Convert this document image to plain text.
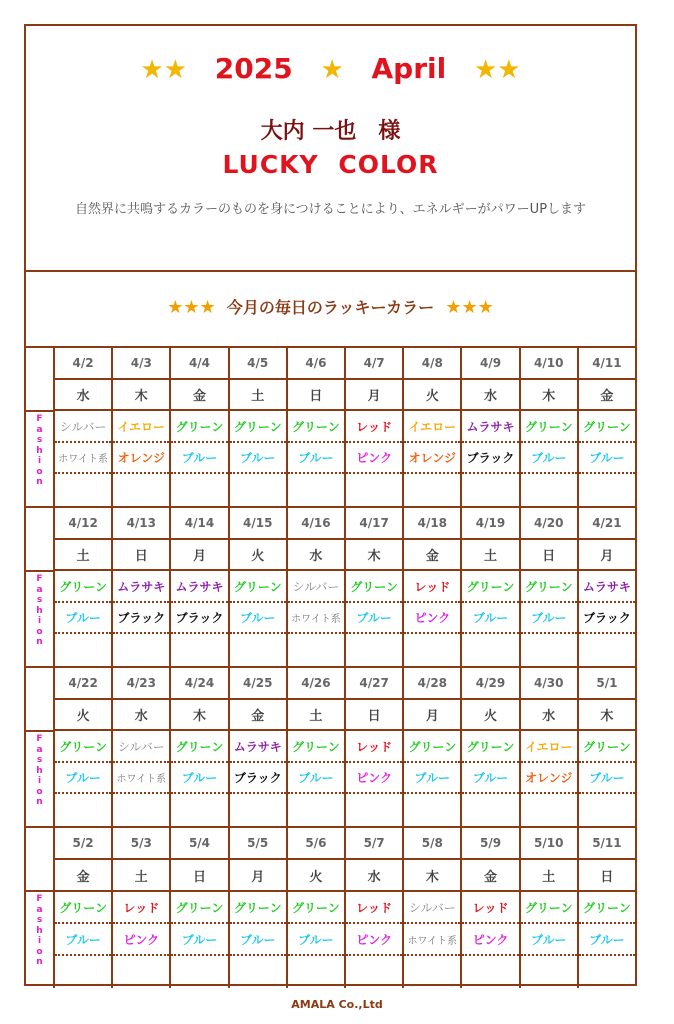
★★ 2025 ★ April ★★
大内 一也　様
LUCKY COLOR
自然界に共鳴するカラーのものを身につけることにより、エネルギーがパワーUPします
★★★ 今月の毎日のラッキーカラー ★★★
Fashion
4/2
水
シルバー
ホワイト系
4/3
木
イエロー
オレンジ
4/4
金
グリーン
ブルー
4/5
土
グリーン
ブルー
4/6
日
グリーン
ブルー
4/7
月
レッド
ピンク
4/8
火
イエロー
オレンジ
4/9
水
ムラサキ
ブラック
4/10
木
グリーン
ブルー
4/11
金
グリーン
ブルー
Fashion
4/12
土
グリーン
ブルー
4/13
日
ムラサキ
ブラック
4/14
月
ムラサキ
ブラック
4/15
火
グリーン
ブルー
4/16
水
シルバー
ホワイト系
4/17
木
グリーン
ブルー
4/18
金
レッド
ピンク
4/19
土
グリーン
ブルー
4/20
日
グリーン
ブルー
4/21
月
ムラサキ
ブラック
Fashion
4/22
火
グリーン
ブルー
4/23
水
シルバー
ホワイト系
4/24
木
グリーン
ブルー
4/25
金
ムラサキ
ブラック
4/26
土
グリーン
ブルー
4/27
日
レッド
ピンク
4/28
月
グリーン
ブルー
4/29
火
グリーン
ブルー
4/30
水
イエロー
オレンジ
5/1
木
グリーン
ブルー
Fashion
5/2
金
グリーン
ブルー
5/3
土
レッド
ピンク
5/4
日
グリーン
ブルー
5/5
月
グリーン
ブルー
5/6
火
グリーン
ブルー
5/7
水
レッド
ピンク
5/8
木
シルバー
ホワイト系
5/9
金
レッド
ピンク
5/10
土
グリーン
ブルー
5/11
日
グリーン
ブルー
AMALA Co.,Ltd
